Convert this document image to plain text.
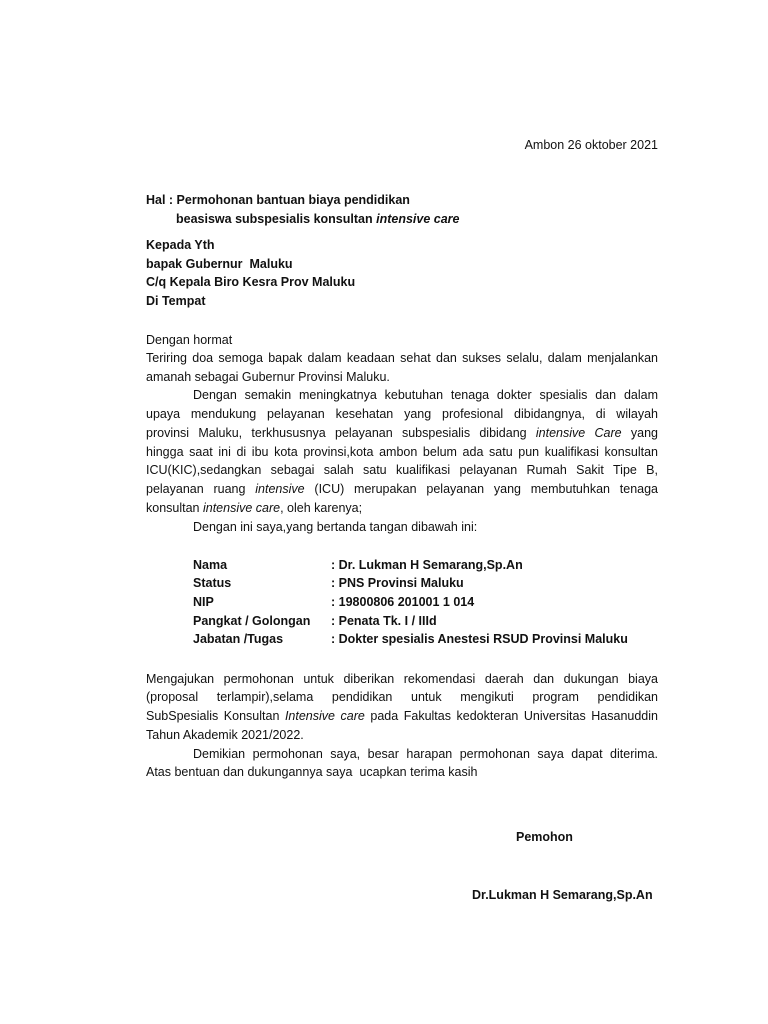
Ambon 26 oktober 2021
Hal : Permohonan bantuan biaya pendidikan
beasiswa subspesialis konsultan intensive care
Kepada Yth
bapak Gubernur  Maluku
C/q Kepala Biro Kesra Prov Maluku
Di Tempat
Dengan hormat
Teriring doa semoga bapak dalam keadaan sehat dan sukses selalu, dalam menjalankan
amanah sebagai Gubernur Provinsi Maluku.
Dengan semakin meningkatnya kebutuhan tenaga dokter spesialis dan dalam
upaya mendukung pelayanan kesehatan yang profesional dibidangnya, di wilayah
provinsi Maluku, terkhususnya pelayanan subspesialis dibidang intensive Care yang
hingga saat ini di ibu kota provinsi,kota ambon belum ada satu pun kualifikasi konsultan
ICU(KIC),sedangkan sebagai salah satu kualifikasi pelayanan Rumah Sakit Tipe B,
pelayanan ruang intensive (ICU) merupakan pelayanan yang membutuhkan tenaga
konsultan intensive care, oleh karenya;
Dengan ini saya,yang bertanda tangan dibawah ini:
Nama	: Dr. Lukman H Semarang,Sp.An
Status	: PNS Provinsi Maluku
NIP	: 19800806 201001 1 014
Pangkat / Golongan : Penata Tk. I / IIId
Jabatan /Tugas	: Dokter spesialis Anestesi RSUD Provinsi Maluku
Mengajukan permohonan untuk diberikan rekomendasi daerah dan dukungan biaya
(proposal terlampir),selama pendidikan untuk mengikuti program pendidikan
SubSpesialis Konsultan Intensive care pada Fakultas kedokteran Universitas Hasanuddin
Tahun Akademik 2021/2022.
Demikian permohonan saya, besar harapan permohonan saya dapat diterima.
Atas bentuan dan dukungannya saya  ucapkan terima kasih
Pemohon
Dr.Lukman H Semarang,Sp.An
